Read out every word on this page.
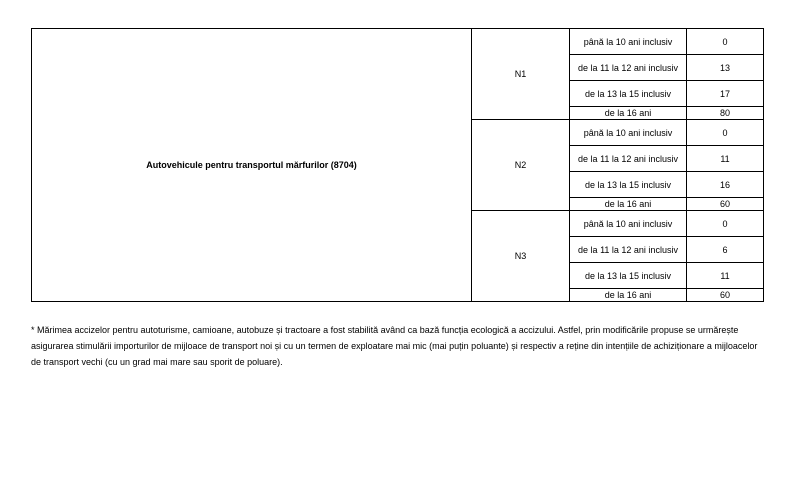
Autovehicule pentru transportul mărfurilor (8704)	N1	până la 10 ani inclusiv	0
		de la 11 la 12 ani inclusiv	13
		de la 13 la 15 inclusiv	17
		de la 16 ani	80
	N2	până la 10 ani inclusiv	0
		de la 11 la 12 ani inclusiv	11
		de la 13 la 15 inclusiv	16
		de la 16 ani	60
	N3	până la 10 ani inclusiv	0
		de la 11 la 12 ani inclusiv	6
		de la 13 la 15 inclusiv	11
		de la 16 ani	60

* Mărimea accizelor pentru autoturisme, camioane, autobuze și tractoare a fost stabilită având ca bază funcția ecologică a accizului. Astfel, prin modificările propuse se urmărește asigurarea stimulării importurilor de mijloace de transport noi și cu un termen de exploatare mai mic (mai puțin poluante) și respectiv a reține din intențiile de achiziționare a mijloacelor de transport vechi (cu un grad mai mare sau sporit de poluare).
